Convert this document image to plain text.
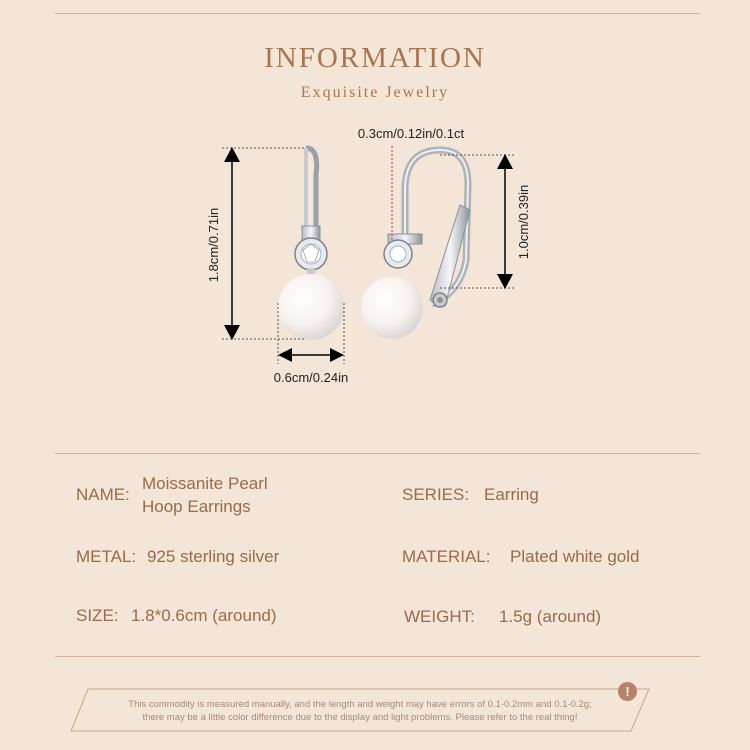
INFORMATION
Exquisite Jewelry
1.8cm/0.71in
0.6cm/0.24in
0.3cm/0.12in/0.1ct
1.0cm/0.39in
NAME:
Moissanite Pearl
Hoop Earrings
SERIES: Earring
METAL: 925 sterling silver	MATERIAL: Plated white gold
SIZE: 1.8*0.6cm (around)	WEIGHT: 1.5g (around)
This commodity is measured manually, and the length and weight may have errors of 0.1-0.2mm and 0.1-0.2g;
there may be a little color difference due to the display and light problems. Please refer to the real thing!
!
